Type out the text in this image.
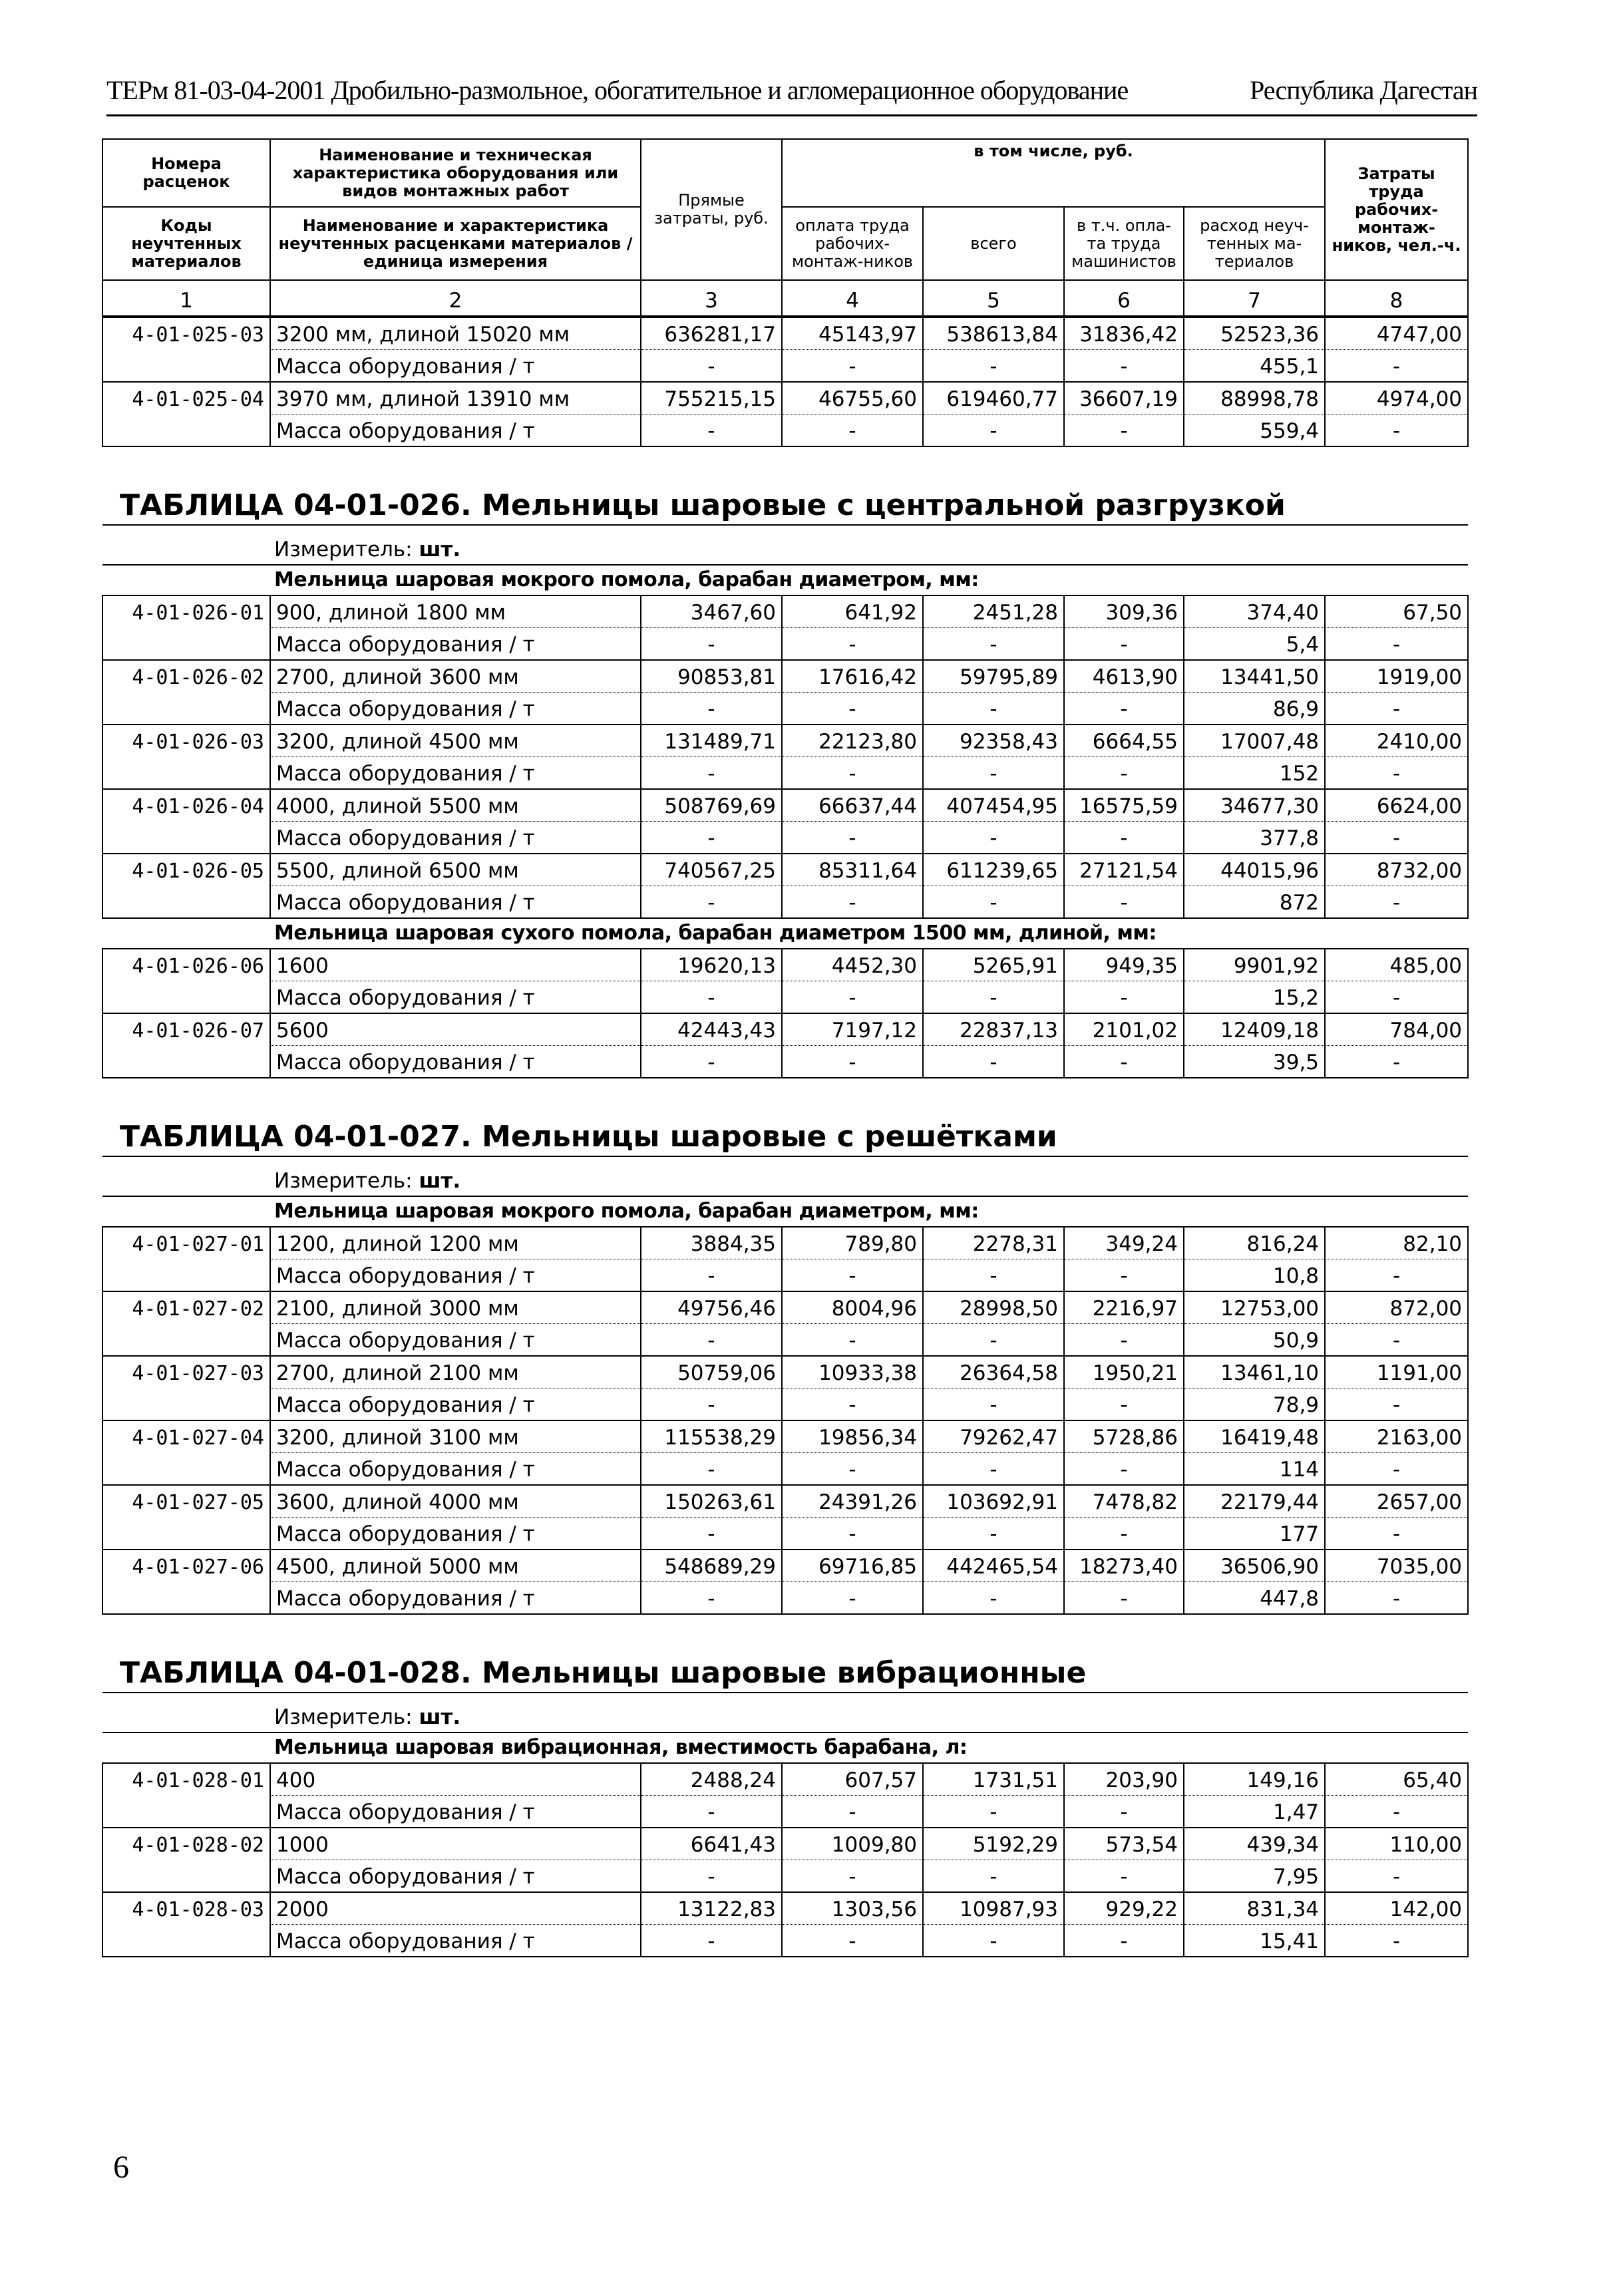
ТЕРм 81-03-04-2001 Дробильно-размольное, обогатительное и агломерационное оборудование	Республика Дагестан
Номера расценок	Наименование и техническая характеристика оборудования или видов монтажных работ	Прямые затраты, руб.	в том числе, руб.				Затраты труда рабочих-монтаж-ников, чел.-ч.
Коды неучтенных материалов	Наименование и характеристика неучтенных расценками материалов / единица измерения		оплата труда рабочих-монтаж-ников	всего	в т.ч. опла-та труда машинистов	расход неуч-тенных ма-териалов	
1	2	3	4	5	6	7	8
4-01-025-03	3200 мм, длиной 15020 мм	636281,17	45143,97	538613,84	31836,42	52523,36	4747,00
	Масса оборудования / т	-	-	-	-	455,1	-
4-01-025-04	3970 мм, длиной 13910 мм	755215,15	46755,60	619460,77	36607,19	88998,78	4974,00
	Масса оборудования / т	-	-	-	-	559,4	-
ТАБЛИЦА 04-01-026. Мельницы шаровые с центральной разгрузкой							
Измеритель: шт.							
Мельница шаровая мокрого помола, барабан диаметром, мм:							
4-01-026-01	900, длиной 1800 мм	3467,60	641,92	2451,28	309,36	374,40	67,50
	Масса оборудования / т	-	-	-	-	5,4	-
4-01-026-02	2700, длиной 3600 мм	90853,81	17616,42	59795,89	4613,90	13441,50	1919,00
	Масса оборудования / т	-	-	-	-	86,9	-
4-01-026-03	3200, длиной 4500 мм	131489,71	22123,80	92358,43	6664,55	17007,48	2410,00
	Масса оборудования / т	-	-	-	-	152	-
4-01-026-04	4000, длиной 5500 мм	508769,69	66637,44	407454,95	16575,59	34677,30	6624,00
	Масса оборудования / т	-	-	-	-	377,8	-
4-01-026-05	5500, длиной 6500 мм	740567,25	85311,64	611239,65	27121,54	44015,96	8732,00
	Масса оборудования / т	-	-	-	-	872	-
Мельница шаровая сухого помола, барабан диаметром 1500 мм, длиной, мм:							
4-01-026-06	1600	19620,13	4452,30	5265,91	949,35	9901,92	485,00
	Масса оборудования / т	-	-	-	-	15,2	-
4-01-026-07	5600	42443,43	7197,12	22837,13	2101,02	12409,18	784,00
	Масса оборудования / т	-	-	-	-	39,5	-
ТАБЛИЦА 04-01-027. Мельницы шаровые с решётками							
Измеритель: шт.							
Мельница шаровая мокрого помола, барабан диаметром, мм:							
4-01-027-01	1200, длиной 1200 мм	3884,35	789,80	2278,31	349,24	816,24	82,10
	Масса оборудования / т	-	-	-	-	10,8	-
4-01-027-02	2100, длиной 3000 мм	49756,46	8004,96	28998,50	2216,97	12753,00	872,00
	Масса оборудования / т	-	-	-	-	50,9	-
4-01-027-03	2700, длиной 2100 мм	50759,06	10933,38	26364,58	1950,21	13461,10	1191,00
	Масса оборудования / т	-	-	-	-	78,9	-
4-01-027-04	3200, длиной 3100 мм	115538,29	19856,34	79262,47	5728,86	16419,48	2163,00
	Масса оборудования / т	-	-	-	-	114	-
4-01-027-05	3600, длиной 4000 мм	150263,61	24391,26	103692,91	7478,82	22179,44	2657,00
	Масса оборудования / т	-	-	-	-	177	-
4-01-027-06	4500, длиной 5000 мм	548689,29	69716,85	442465,54	18273,40	36506,90	7035,00
	Масса оборудования / т	-	-	-	-	447,8	-
ТАБЛИЦА 04-01-028. Мельницы шаровые вибрационные							
Измеритель: шт.							
Мельница шаровая вибрационная, вместимость барабана, л:							
4-01-028-01	400	2488,24	607,57	1731,51	203,90	149,16	65,40
	Масса оборудования / т	-	-	-	-	1,47	-
4-01-028-02	1000	6641,43	1009,80	5192,29	573,54	439,34	110,00
	Масса оборудования / т	-	-	-	-	7,95	-
4-01-028-03	2000	13122,83	1303,56	10987,93	929,22	831,34	142,00
	Масса оборудования / т	-	-	-	-	15,41	-
6
